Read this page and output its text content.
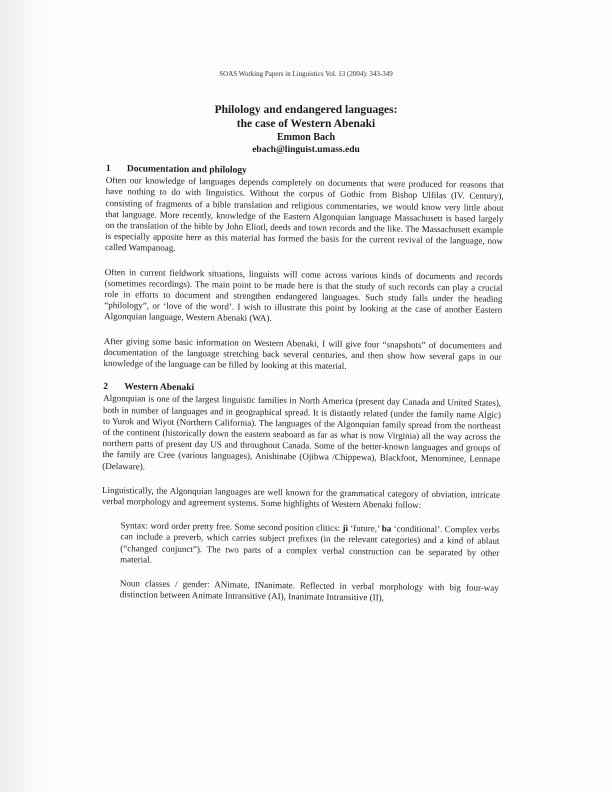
SOAS Working Papers in Linguistics Vol. 13 (2004): 343-349
Philology and endangered languages:
the case of Western Abenaki
Emmon Bach
ebach@linguist.umass.edu
1 Documentation and philology

Often our knowledge of languages depends completely on documents that were produced for reasons that have nothing to do with linguistics. Without the corpus of Gothic from Bishop Ulfilas (IV. Century), consisting of fragments of a bible translation and religious commentaries, we would know very little about that language. More recently, knowledge of the Eastern Algonquian language Massachusett is based largely on the translation of the bible by John Eliotl, deeds and town records and the like. The Massachusett example is especially apposite here as this material has formed the basis for the current revival of the language, now called Wampanoag.

Often in current fieldwork situations, linguists will come across various kinds of documents and records (sometimes recordings). The main point to be made here is that the study of such records can play a crucial role in efforts to document and strengthen endangered languages. Such study falls under the heading “philology”, or ‘love of the word’. I wish to illustrate this point by looking at the case of another Eastern Algonquian language, Western Abenaki (WA).

After giving some basic information on Western Abenaki, I will give four “snapshots” of documenters and documentation of the language stretching back several centuries, and then show how several gaps in our knowledge of the language can be filled by looking at this material.

2 Western Abenaki

Algonquian is one of the largest linguistic families in North America (present day Canada and United States), both in number of languages and in geographical spread. It is distantly related (under the family name Algic) to Yurok and Wiyot (Northern California). The languages of the Algonquian family spread from the northeast of the continent (historically down the eastern seaboard as far as what is now Virginia) all the way across the northern parts of present day US and throughout Canada. Some of the better-known languages and groups of the family are Cree (various languages), Anishinabe (Ojibwa /Chippewa), Blackfoot, Menominee, Lennape (Delaware).

Linguistically, the Algonquian languages are well known for the grammatical category of obviation, intricate verbal morphology and agreement systems. Some highlights of Western Abenaki follow:

Syntax: word order pretty free. Some second position clitics: ji ‘future,’ ba ‘conditional’. Complex verbs can include a preverb, which carries subject prefixes (in the relevant categories) and a kind of ablaut (“changed conjunct”). The two parts of a complex verbal construction can be separated by other material.

Noun classes / gender: ANimate, INanimate. Reflected in verbal morphology with big four-way distinction between Animate Intransitive (AI), Inanimate Intransitive (II),
